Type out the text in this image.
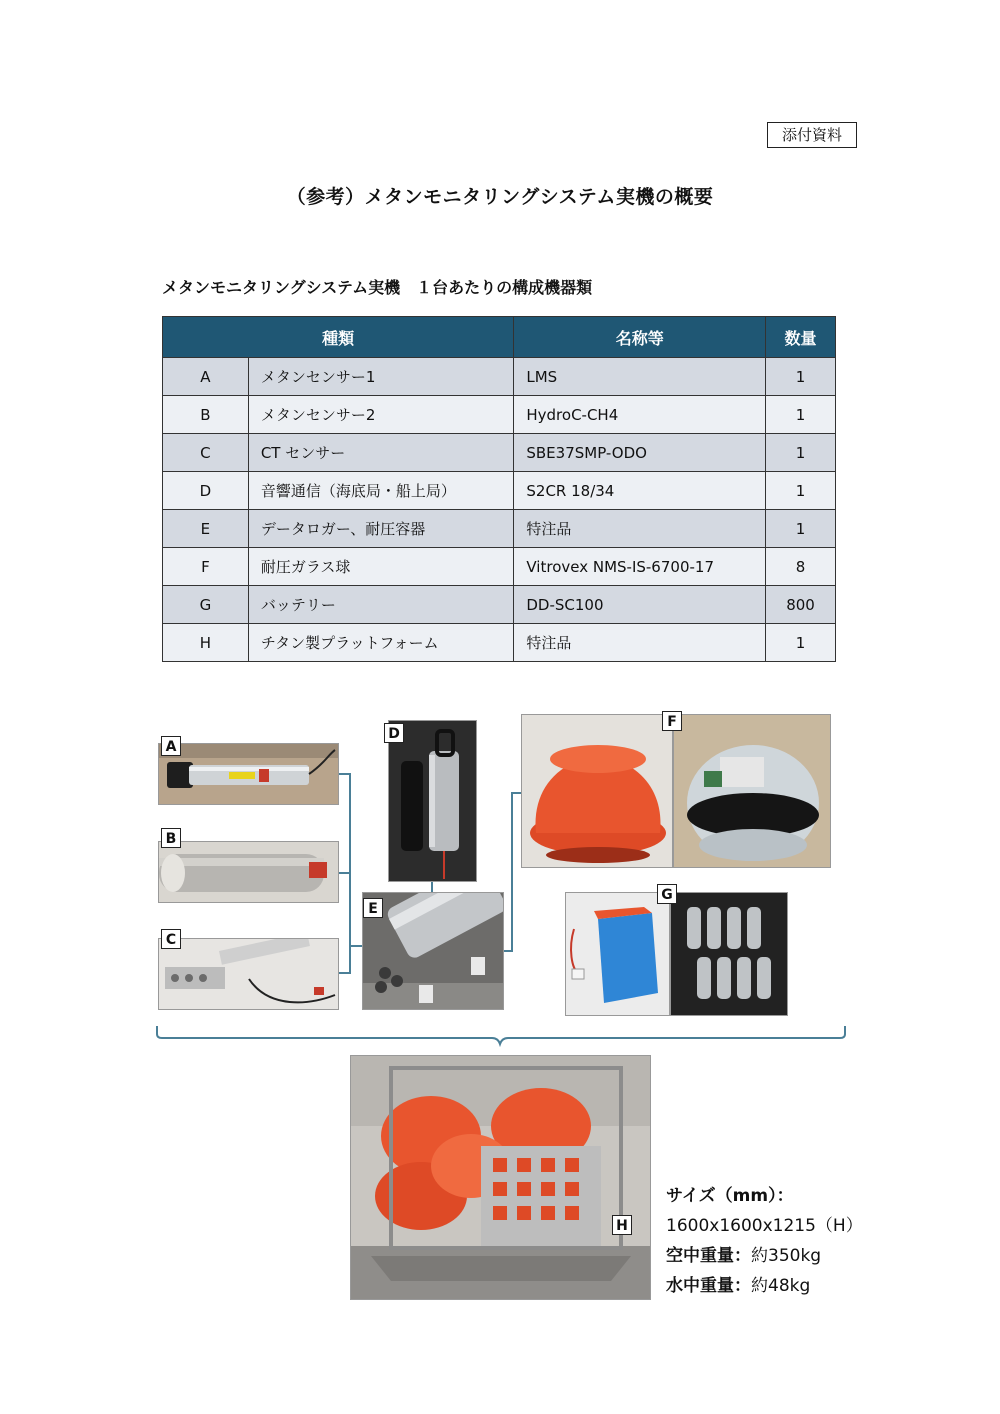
添付資料
（参考）メタンモニタリングシステム実機の概要
メタンモニタリングシステム実機　１台あたりの構成機器類
種類		名称等	数量
A	メタンセンサー1	LMS	1
B	メタンセンサー2	HydroC-CH4	1
C	CT センサー	SBE37SMP-ODO	1
D	音響通信（海底局・船上局）	S2CR 18/34	1
E	データロガー、耐圧容器	特注品	1
F	耐圧ガラス球	Vitrovex NMS-IS-6700-17	8
G	バッテリー	DD-SC100	800
H	チタン製プラットフォーム	特注品	1
A
B
C
D
E
F
G
H
サイズ（mm）：
1600x1600x1215（H）
空中重量：約350kg
水中重量：約48kg
